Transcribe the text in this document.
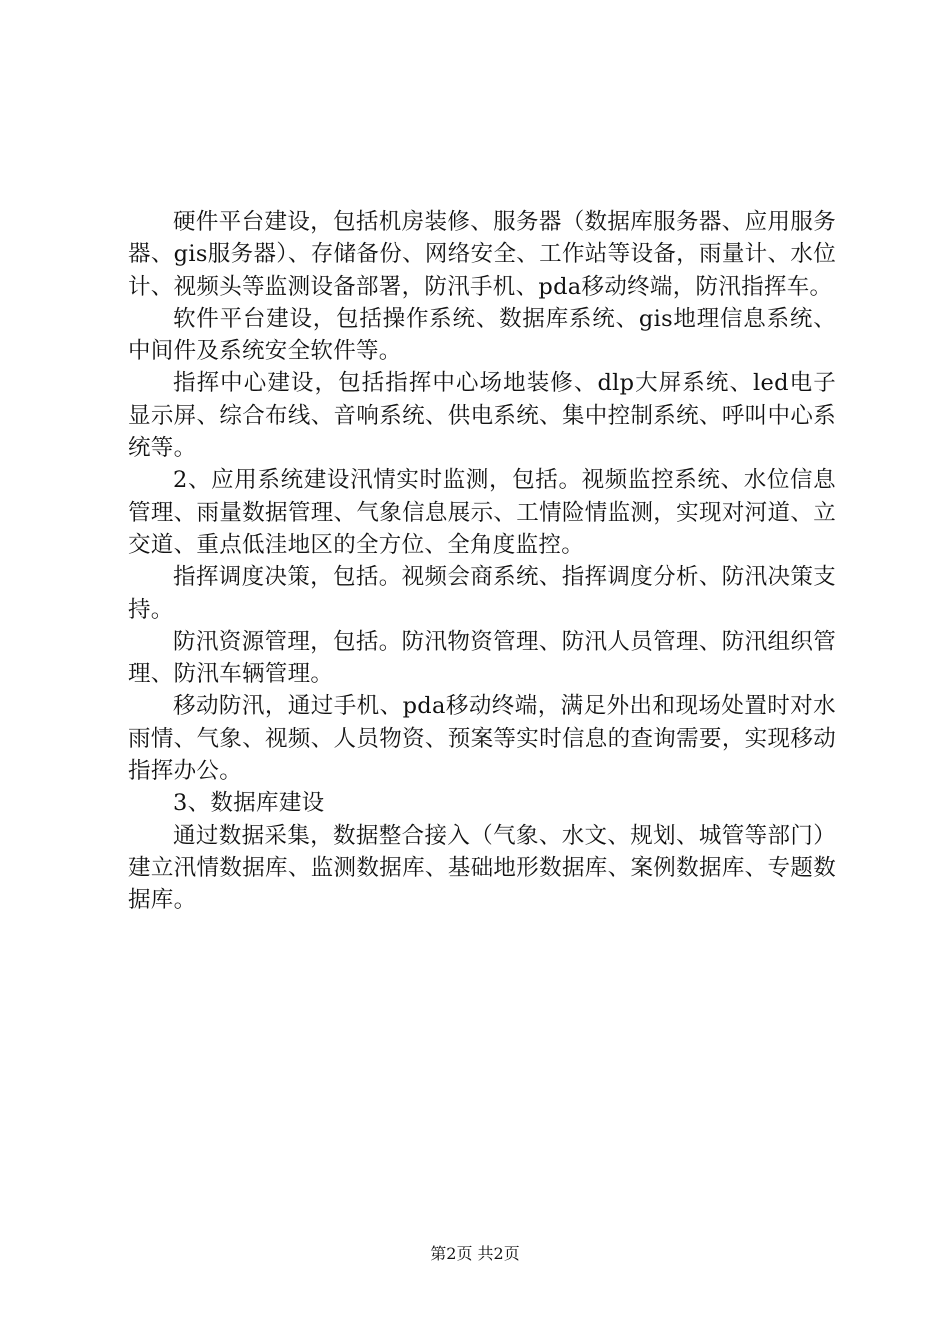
硬件平台建设，包括机房装修、服务器（数据库服务器、应用服务器、gis服务器）、存储备份、网络安全、工作站等设备，雨量计、水位计、视频头等监测设备部署，防汛手机、pda移动终端，防汛指挥车。

软件平台建设，包括操作系统、数据库系统、gis地理信息系统、中间件及系统安全软件等。

指挥中心建设，包括指挥中心场地装修、dlp大屏系统、led电子显示屏、综合布线、音响系统、供电系统、集中控制系统、呼叫中心系统等。

2、应用系统建设汛情实时监测，包括。视频监控系统、水位信息管理、雨量数据管理、气象信息展示、工情险情监测，实现对河道、立交道、重点低洼地区的全方位、全角度监控。

指挥调度决策，包括。视频会商系统、指挥调度分析、防汛决策支持。

防汛资源管理，包括。防汛物资管理、防汛人员管理、防汛组织管理、防汛车辆管理。

移动防汛，通过手机、pda移动终端，满足外出和现场处置时对水雨情、气象、视频、人员物资、预案等实时信息的查询需要，实现移动指挥办公。

3、数据库建设

通过数据采集，数据整合接入（气象、水文、规划、城管等部门）建立汛情数据库、监测数据库、基础地形数据库、案例数据库、专题数据库。

第2页 共2页
